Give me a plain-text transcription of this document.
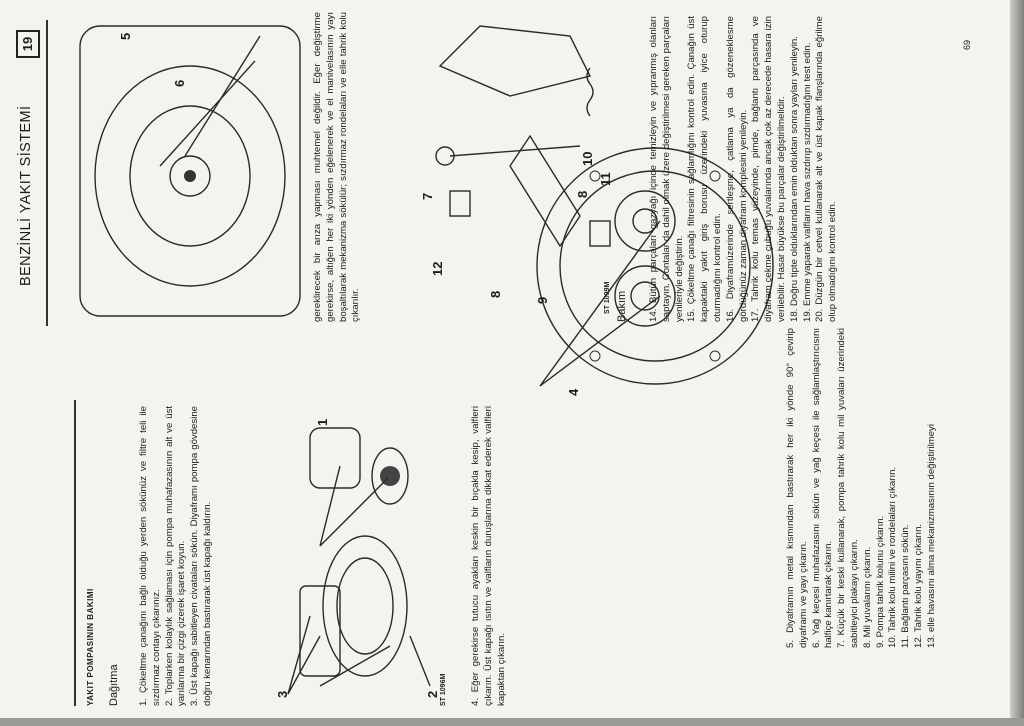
YAKIT POMPASININ BAKIMI Dağıtma 1. Çökeltme çanağını bağlı olduğu yerden sökünüz ve filtre teli ile sızdırmaz contayı çıkarınız. 2. Toplarken kolaylık sağlaması için pompa muhafazasının alt ve üst yarılarına bir çizgi çizerek işaret koyun. 3. Üst kapağı sabitleyen civataları sökün. Diyaframı pompa gövdesine doğru kenarından bastırarak üst kapağı kaldırın.

1
2
3	ST 1096M 4. Eğer gerekirse tutucu ayakları keskin bir bıçakla kesip, valfleri çıkarın. Üst kapağı ısıtın ve valfların duruşlarına dikkat ederek valfleri kapaktan çıkarın.

5
6	gereklirecek bir arıza yapması muhtemel değildir. Eğer değiştirme gerekirse, altığen her iki yönden eğelenerek ve el manivelasının yayı boşaltılarak mekanizma sökülür; sızdırmaz rondelaları ve elle tahrik kolu çıkarılır.

4	5. Diyaframın metal kısmından bastırarak her iki yönde 90° çevirip diyaframı ve yayı çıkarın. 6. Yağ keçesi muhafazasını sökün ve yağ keçesi ile sağlamlaştırıcısını halfiçe kanırtarak çıkarın. 7. Küçük bir keski kullanarak, pompa tahrik kolu mil yuvaları üzerindeki sabitleyici plakayı çıkarın. 8. Mil yuvalarını çıkarın. 9. Pompa tahrik kolunu çıkarın. 10. Tahrik kolu milini ve rondelaları çıkarın. 11. Bağlantı parçasını sökün. 12. Tahrik kolu yayını çıkarın. 13. elle havasını alma mekanizmasının değiştirilmeyi

BENZİNLİ YAKIT SİSTEMİ
19
11
7
12
10
8
8
9	ST 1099M Bakım 14. Bütün parçaları gazyağı içinde temizleyin ve yıpranmış olanları saptayın. Contalar da dahil olmak üzere değiştirilmesi gereken parçaları yenileriyle değiştirin. 15. Çökeltme çanağı filtresinin sağlamlığını kontrol edin. Çanağın üst kapaktaki yakıt giriş borusu üzerindeki yuvasına iyice oturup oturmadığını kontrol edin. 16. Diyaframüzerinde sertleşme, çatlama ya da gözeneklesme gördüğünüz zaman diyafram komplesini yenileyin. 17. Tahrik kolu temas yüzeyinde, pimde, bağlantı parçasında ve diyafram çekme çubuğu yuvalarında ancak çok az derecede hasara izin verilebilir. Hasar büyükse bu parçalar değiştirilmelidir. 18. Doğru tipte olduklarından emin olduktan sonra yayları yenileyin. 19. Emme yaparak valfların hava sızdırıp sızdırmadığını test edin. 20. Düzgün bir cetvel kullanarak alt ve üst kapak flanşlarında eğrilme olup olmadığını kontrol edin.

69
